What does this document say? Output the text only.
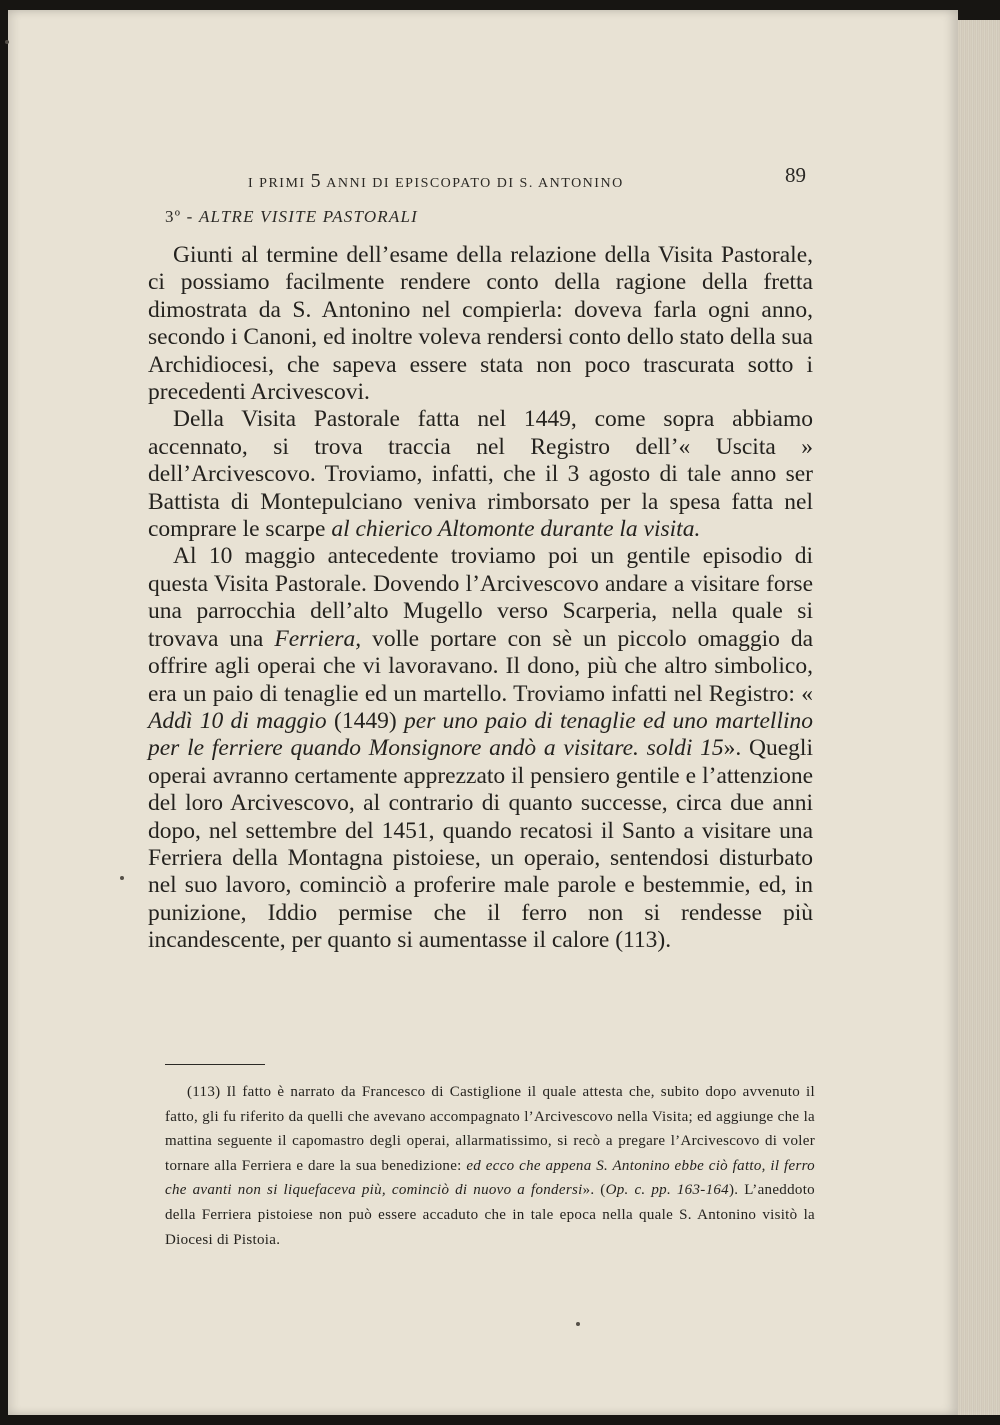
I PRIMI 5 ANNI DI EPISCOPATO DI S. ANTONINO	89
3º - ALTRE VISITE PASTORALI

Giunti al termine dell’esame della relazione della Visita Pastorale, ci possiamo facilmente rendere conto della ragione della fretta dimostrata da S. Antonino nel compierla: doveva farla ogni anno, secondo i Canoni, ed inoltre voleva rendersi conto dello stato della sua Archidiocesi, che sapeva essere stata non poco trascurata sotto i precedenti Arcivescovi.

Della Visita Pastorale fatta nel 1449, come sopra abbiamo accennato, si trova traccia nel Registro dell’« Uscita » dell’Arcivescovo. Troviamo, infatti, che il 3 agosto di tale anno ser Battista di Montepulciano veniva rimborsato per la spesa fatta nel comprare le scarpe al chierico Altomonte durante la visita.

Al 10 maggio antecedente troviamo poi un gentile episodio di questa Visita Pastorale. Dovendo l’Arcivescovo andare a visitare forse una parrocchia dell’alto Mugello verso Scarperia, nella quale si trovava una Ferriera, volle portare con sè un piccolo omaggio da offrire agli operai che vi lavoravano. Il dono, più che altro simbolico, era un paio di tenaglie ed un martello. Troviamo infatti nel Registro: « Addì 10 di maggio (1449) per uno paio di tenaglie ed uno martellino per le ferriere quando Monsignore andò a visitare. soldi 15». Quegli operai avranno certamente apprezzato il pensiero gentile e l’attenzione del loro Arcivescovo, al contrario di quanto successe, circa due anni dopo, nel settembre del 1451, quando recatosi il Santo a visitare una Ferriera della Montagna pistoiese, un operaio, sentendosi disturbato nel suo lavoro, cominciò a proferire male parole e bestemmie, ed, in punizione, Iddio permise che il ferro non si rendesse più incandescente, per quanto si aumentasse il calore (113).

(113) Il fatto è narrato da Francesco di Castiglione il quale attesta che, subito dopo avvenuto il fatto, gli fu riferito da quelli che avevano accompagnato l’Arcivescovo nella Visita; ed aggiunge che la mattina seguente il capomastro degli operai, allarmatissimo, si recò a pregare l’Arcivescovo di voler tornare alla Ferriera e dare la sua benedizione: ed ecco che appena S. Antonino ebbe ciò fatto, il ferro che avanti non si liquefaceva più, cominciò di nuovo a fondersi». (Op. c. pp. 163-164). L’aneddoto della Ferriera pistoiese non può essere accaduto che in tale epoca nella quale S. Antonino visitò la Diocesi di Pistoia.
